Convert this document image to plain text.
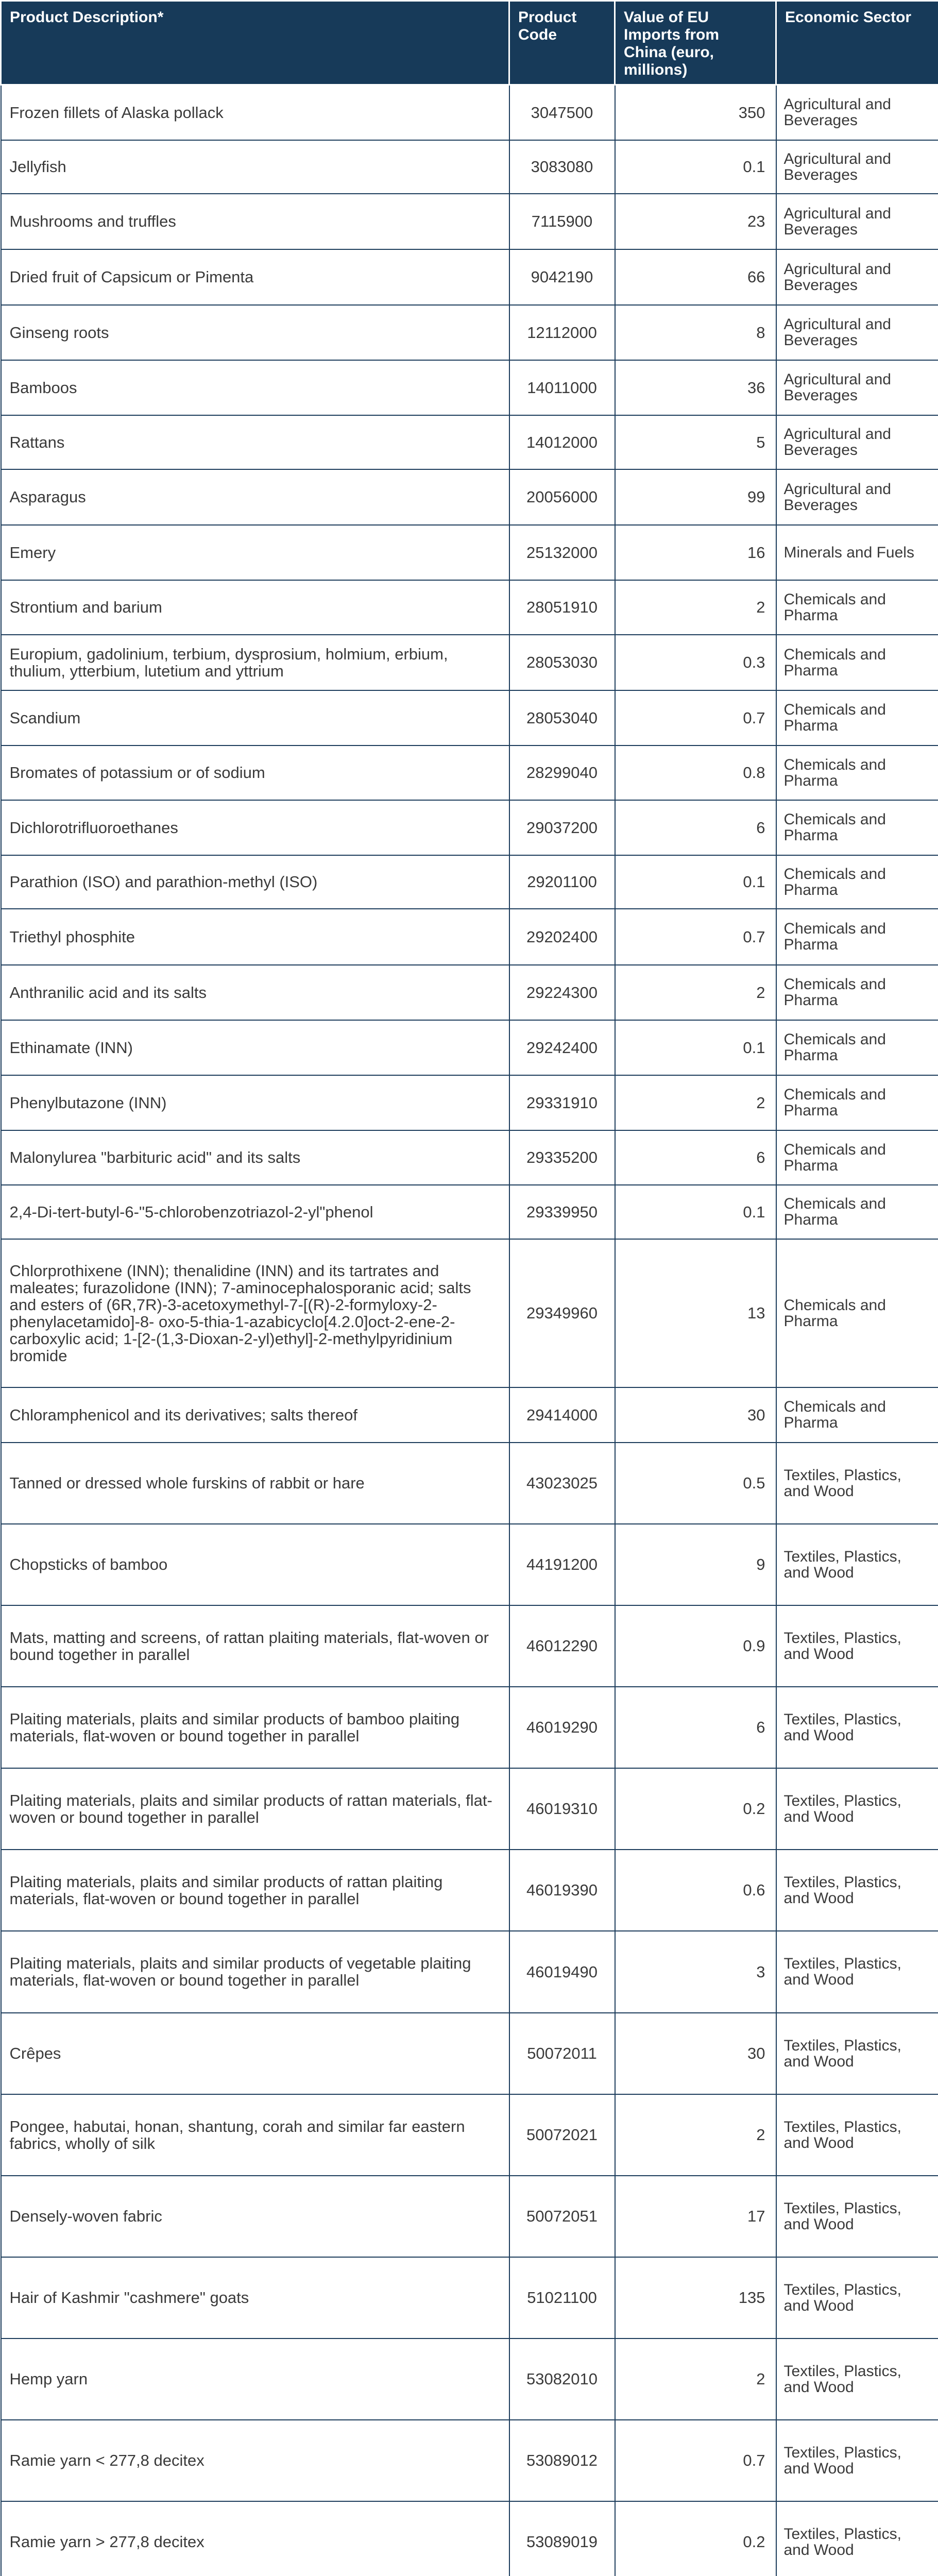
Product Description*	Product Code	Value of EU Imports from China (euro, millions)	Economic Sector
Frozen fillets of Alaska pollack	3047500	350	Agricultural and Beverages
Jellyfish	3083080	0.1	Agricultural and Beverages
Mushrooms and truffles	7115900	23	Agricultural and Beverages
Dried fruit of Capsicum or Pimenta	9042190	66	Agricultural and Beverages
Ginseng roots	12112000	8	Agricultural and Beverages
Bamboos	14011000	36	Agricultural and Beverages
Rattans	14012000	5	Agricultural and Beverages
Asparagus	20056000	99	Agricultural and Beverages
Emery	25132000	16	Minerals and Fuels
Strontium and barium	28051910	2	Chemicals and Pharma
Europium, gadolinium, terbium, dysprosium, holmium, erbium, thulium, ytterbium, lutetium and yttrium	28053030	0.3	Chemicals and Pharma
Scandium	28053040	0.7	Chemicals and Pharma
Bromates of potassium or of sodium	28299040	0.8	Chemicals and Pharma
Dichlorotrifluoroethanes	29037200	6	Chemicals and Pharma
Parathion (ISO) and parathion-methyl (ISO)	29201100	0.1	Chemicals and Pharma
Triethyl phosphite	29202400	0.7	Chemicals and Pharma
Anthranilic acid and its salts	29224300	2	Chemicals and Pharma
Ethinamate (INN)	29242400	0.1	Chemicals and Pharma
Phenylbutazone (INN)	29331910	2	Chemicals and Pharma
Malonylurea "barbituric acid" and its salts	29335200	6	Chemicals and Pharma
2,4-Di-tert-butyl-6-"5-chlorobenzotriazol-2-yl"phenol	29339950	0.1	Chemicals and Pharma
Chlorprothixene (INN); thenalidine (INN) and its tartrates and maleates; furazolidone (INN); 7-aminocephalosporanic acid; salts and esters of (6R,7R)-3-acetoxymethyl-7-[(R)-2-formyloxy-2-phenylacetamido]-8- oxo-5-thia-1-azabicyclo[4.2.0]oct-2-ene-2-carboxylic acid; 1-[2-(1,3-Dioxan-2-yl)ethyl]-2-methylpyridinium bromide	29349960	13	Chemicals and Pharma
Chloramphenicol and its derivatives; salts thereof	29414000	30	Chemicals and Pharma
Tanned or dressed whole furskins of rabbit or hare	43023025	0.5	Textiles, Plastics, and Wood
Chopsticks of bamboo	44191200	9	Textiles, Plastics, and Wood
Mats, matting and screens, of rattan plaiting materials, flat-woven or bound together in parallel	46012290	0.9	Textiles, Plastics, and Wood
Plaiting materials, plaits and similar products of bamboo plaiting materials, flat-woven or bound together in parallel	46019290	6	Textiles, Plastics, and Wood
Plaiting materials, plaits and similar products of rattan materials, flat-woven or bound together in parallel	46019310	0.2	Textiles, Plastics, and Wood
Plaiting materials, plaits and similar products of rattan plaiting materials, flat-woven or bound together in parallel	46019390	0.6	Textiles, Plastics, and Wood
Plaiting materials, plaits and similar products of vegetable plaiting materials, flat-woven or bound together in parallel	46019490	3	Textiles, Plastics, and Wood
Crêpes	50072011	30	Textiles, Plastics, and Wood
Pongee, habutai, honan, shantung, corah and similar far eastern fabrics, wholly of silk	50072021	2	Textiles, Plastics, and Wood
Densely-woven fabric	50072051	17	Textiles, Plastics, and Wood
Hair of Kashmir "cashmere" goats	51021100	135	Textiles, Plastics, and Wood
Hemp yarn	53082010	2	Textiles, Plastics, and Wood
Ramie yarn < 277,8 decitex	53089012	0.7	Textiles, Plastics, and Wood
Ramie yarn > 277,8 decitex	53089019	0.2	Textiles, Plastics, and Wood
